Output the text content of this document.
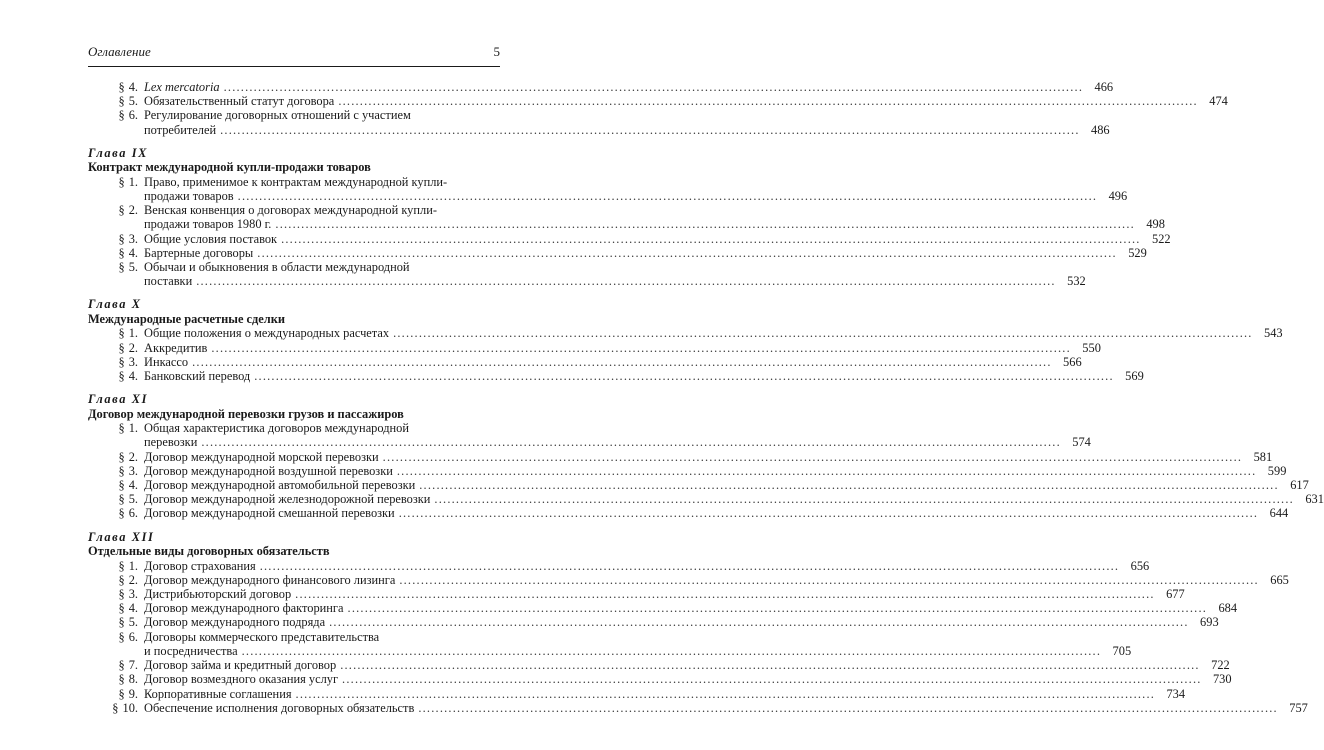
Оглавление	5
§ 4. Lex mercatoria ........................................................................................................................................................................................................ 466
§ 5. Обязательственный статут договора ........................................................................................................................................................................................................ 474
§ 6. Регулирование договорных отношений с участием
потребителей ........................................................................................................................................................................................................ 486
Глава IX
Контракт международной купли-продажи товаров
§ 1. Право, применимое к контрактам международной купли-
продажи товаров ........................................................................................................................................................................................................ 496
§ 2. Венская конвенция о договорах международной купли-
продажи товаров 1980 г. ........................................................................................................................................................................................................ 498
§ 3. Общие условия поставок ........................................................................................................................................................................................................ 522
§ 4. Бартерные договоры ........................................................................................................................................................................................................ 529
§ 5. Обычаи и обыкновения в области международной
поставки ........................................................................................................................................................................................................ 532
Глава X
Международные расчетные сделки
§ 1. Общие положения о международных расчетах ........................................................................................................................................................................................................ 543
§ 2. Аккредитив ........................................................................................................................................................................................................ 550
§ 3. Инкассо ........................................................................................................................................................................................................ 566
§ 4. Банковский перевод ........................................................................................................................................................................................................ 569
Глава XI
Договор международной перевозки грузов и пассажиров
§ 1. Общая характеристика договоров международной
перевозки ........................................................................................................................................................................................................ 574
§ 2. Договор международной морской перевозки ........................................................................................................................................................................................................ 581
§ 3. Договор международной воздушной перевозки ........................................................................................................................................................................................................ 599
§ 4. Договор международной автомобильной перевозки ........................................................................................................................................................................................................ 617
§ 5. Договор международной железнодорожной перевозки ........................................................................................................................................................................................................ 631
§ 6. Договор международной смешанной перевозки ........................................................................................................................................................................................................ 644
Глава XII
Отдельные виды договорных обязательств
§ 1. Договор страхования ........................................................................................................................................................................................................ 656
§ 2. Договор международного финансового лизинга ........................................................................................................................................................................................................ 665
§ 3. Дистрибьюторский договор ........................................................................................................................................................................................................ 677
§ 4. Договор международного факторинга ........................................................................................................................................................................................................ 684
§ 5. Договор международного подряда ........................................................................................................................................................................................................ 693
§ 6. Договоры коммерческого представительства
и посредничества ........................................................................................................................................................................................................ 705
§ 7. Договор займа и кредитный договор ........................................................................................................................................................................................................ 722
§ 8. Договор возмездного оказания услуг ........................................................................................................................................................................................................ 730
§ 9. Корпоративные соглашения ........................................................................................................................................................................................................ 734
§ 10. Обеспечение исполнения договорных обязательств ........................................................................................................................................................................................................ 757
